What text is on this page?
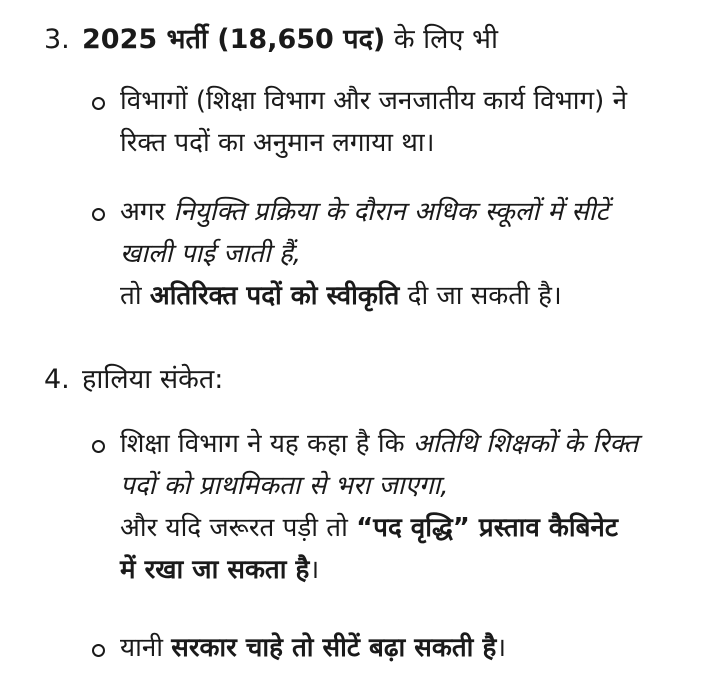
3. 2025 भर्ती (18,650 पद) के लिए भी
विभागों (शिक्षा विभाग और जनजातीय कार्य विभाग) ने
रिक्त पदों का अनुमान लगाया था।
अगर नियुक्ति प्रक्रिया के दौरान अधिक स्कूलों में सीटें
खाली पाई जाती हैं,
तो अतिरिक्त पदों को स्वीकृति दी जा सकती है।
4. हालिया संकेत:
शिक्षा विभाग ने यह कहा है कि अतिथि शिक्षकों के रिक्त
पदों को प्राथमिकता से भरा जाएगा,
और यदि जरूरत पड़ी तो “पद वृद्धि” प्रस्ताव कैबिनेट
में रखा जा सकता है।
यानी सरकार चाहे तो सीटें बढ़ा सकती है।
